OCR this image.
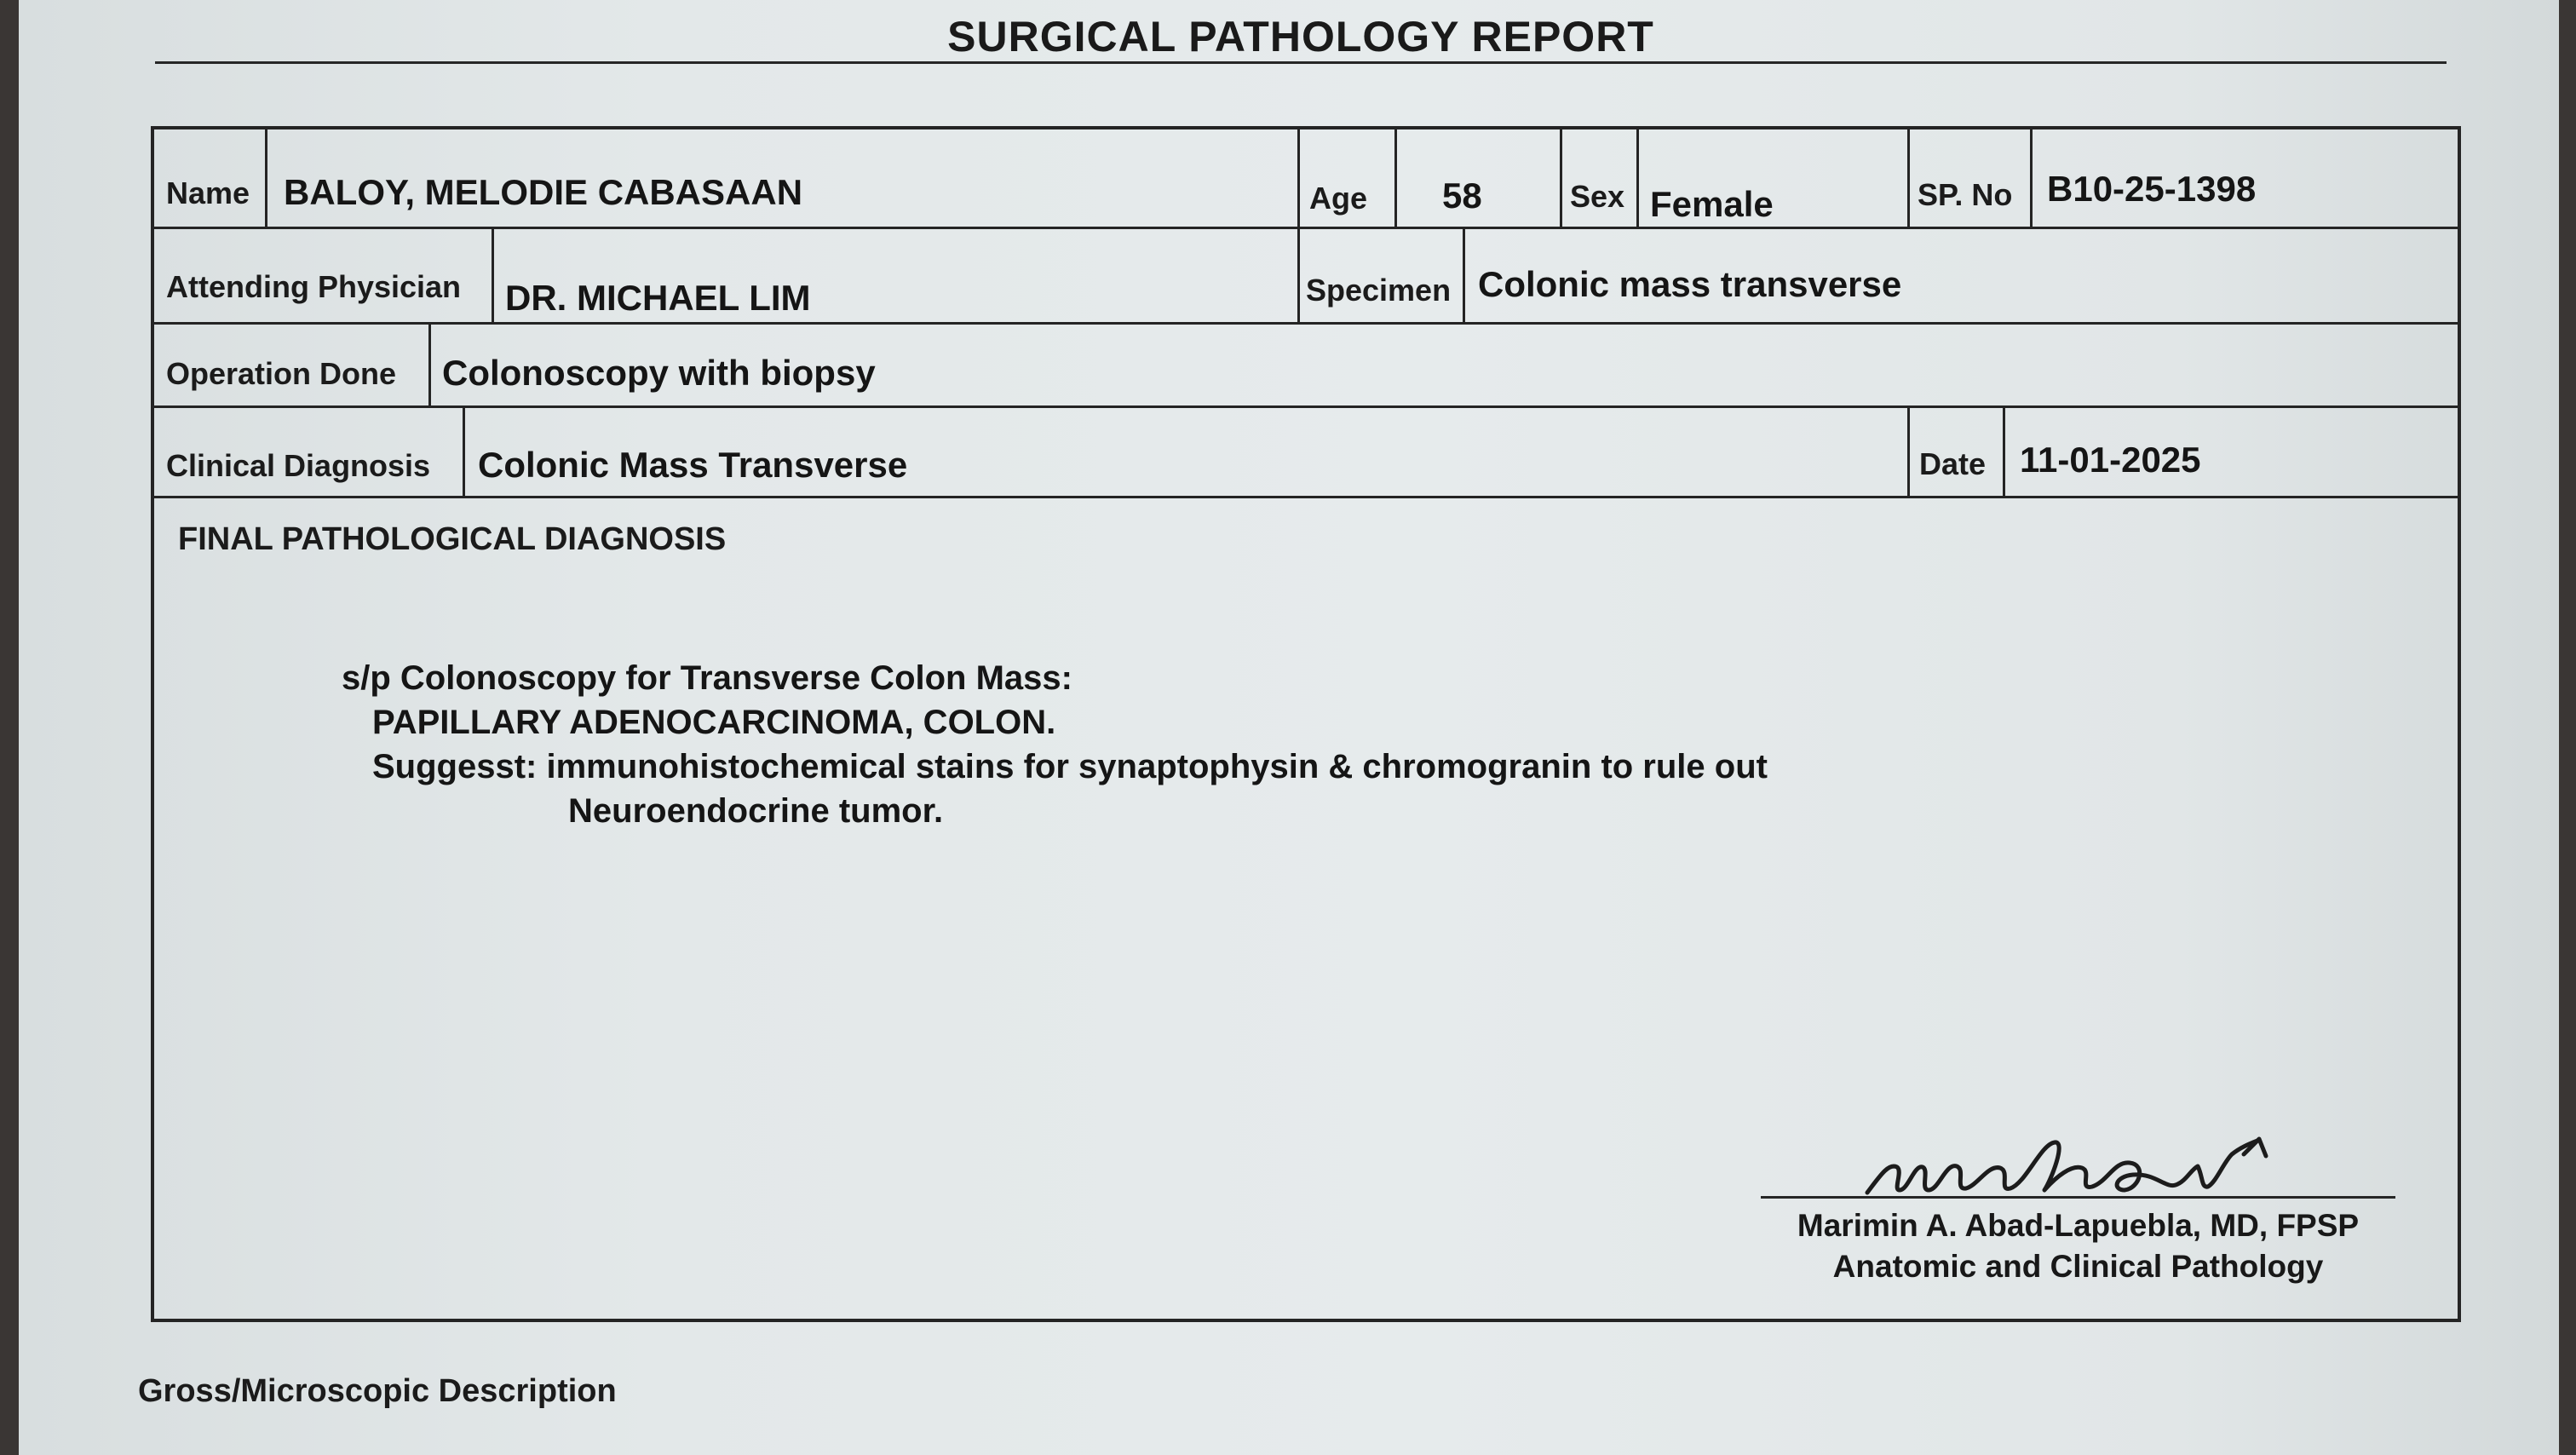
SURGICAL PATHOLOGY REPORT
Name BALOY, MELODIE CABASAAN	Age 58	Sex Female	SP. No B10-25-1398
Attending Physician DR. MICHAEL LIM	Specimen Colonic mass transverse
Operation Done Colonoscopy with biopsy
Clinical Diagnosis Colonic Mass Transverse	Date 11-01-2025
FINAL PATHOLOGICAL DIAGNOSIS
s/p Colonoscopy for Transverse Colon Mass:
PAPILLARY ADENOCARCINOMA, COLON.
Suggesst: immunohistochemical stains for synaptophysin & chromogranin to rule out
Neuroendocrine tumor.
Marimin A. Abad-Lapuebla, MD, FPSP
Anatomic and Clinical Pathology
Gross/Microscopic Description
